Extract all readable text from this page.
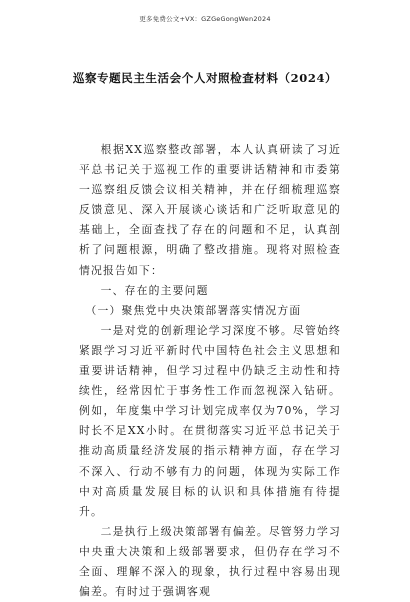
更多免费公文+VX：GZGeGongWen2024
巡察专题民主生活会个人对照检查材料（2024）

根据XX巡察整改部署，本人认真研读了习近平总书记关于巡视工作的重要讲话精神和市委第一巡察组反馈会议相关精神，并在仔细梳理巡察反馈意见、深入开展谈心谈话和广泛听取意见的基础上，全面查找了存在的问题和不足，认真剖析了问题根源，明确了整改措施。现将对照检查情况报告如下：

一、存在的主要问题

（一）聚焦党中央决策部署落实情况方面

一是对党的创新理论学习深度不够。尽管始终紧跟学习习近平新时代中国特色社会主义思想和重要讲话精神，但学习过程中仍缺乏主动性和持续性，经常因忙于事务性工作而忽视深入钻研。例如，年度集中学习计划完成率仅为70%，学习时长不足XX小时。在贯彻落实习近平总书记关于推动高质量经济发展的指示精神方面，存在学习不深入、行动不够有力的问题，体现为实际工作中对高质量发展目标的认识和具体措施有待提升。

二是执行上级决策部署有偏差。尽管努力学习中央重大决策和上级部署要求，但仍存在学习不全面、理解不深入的现象，执行过程中容易出现偏差。有时过于强调客观
